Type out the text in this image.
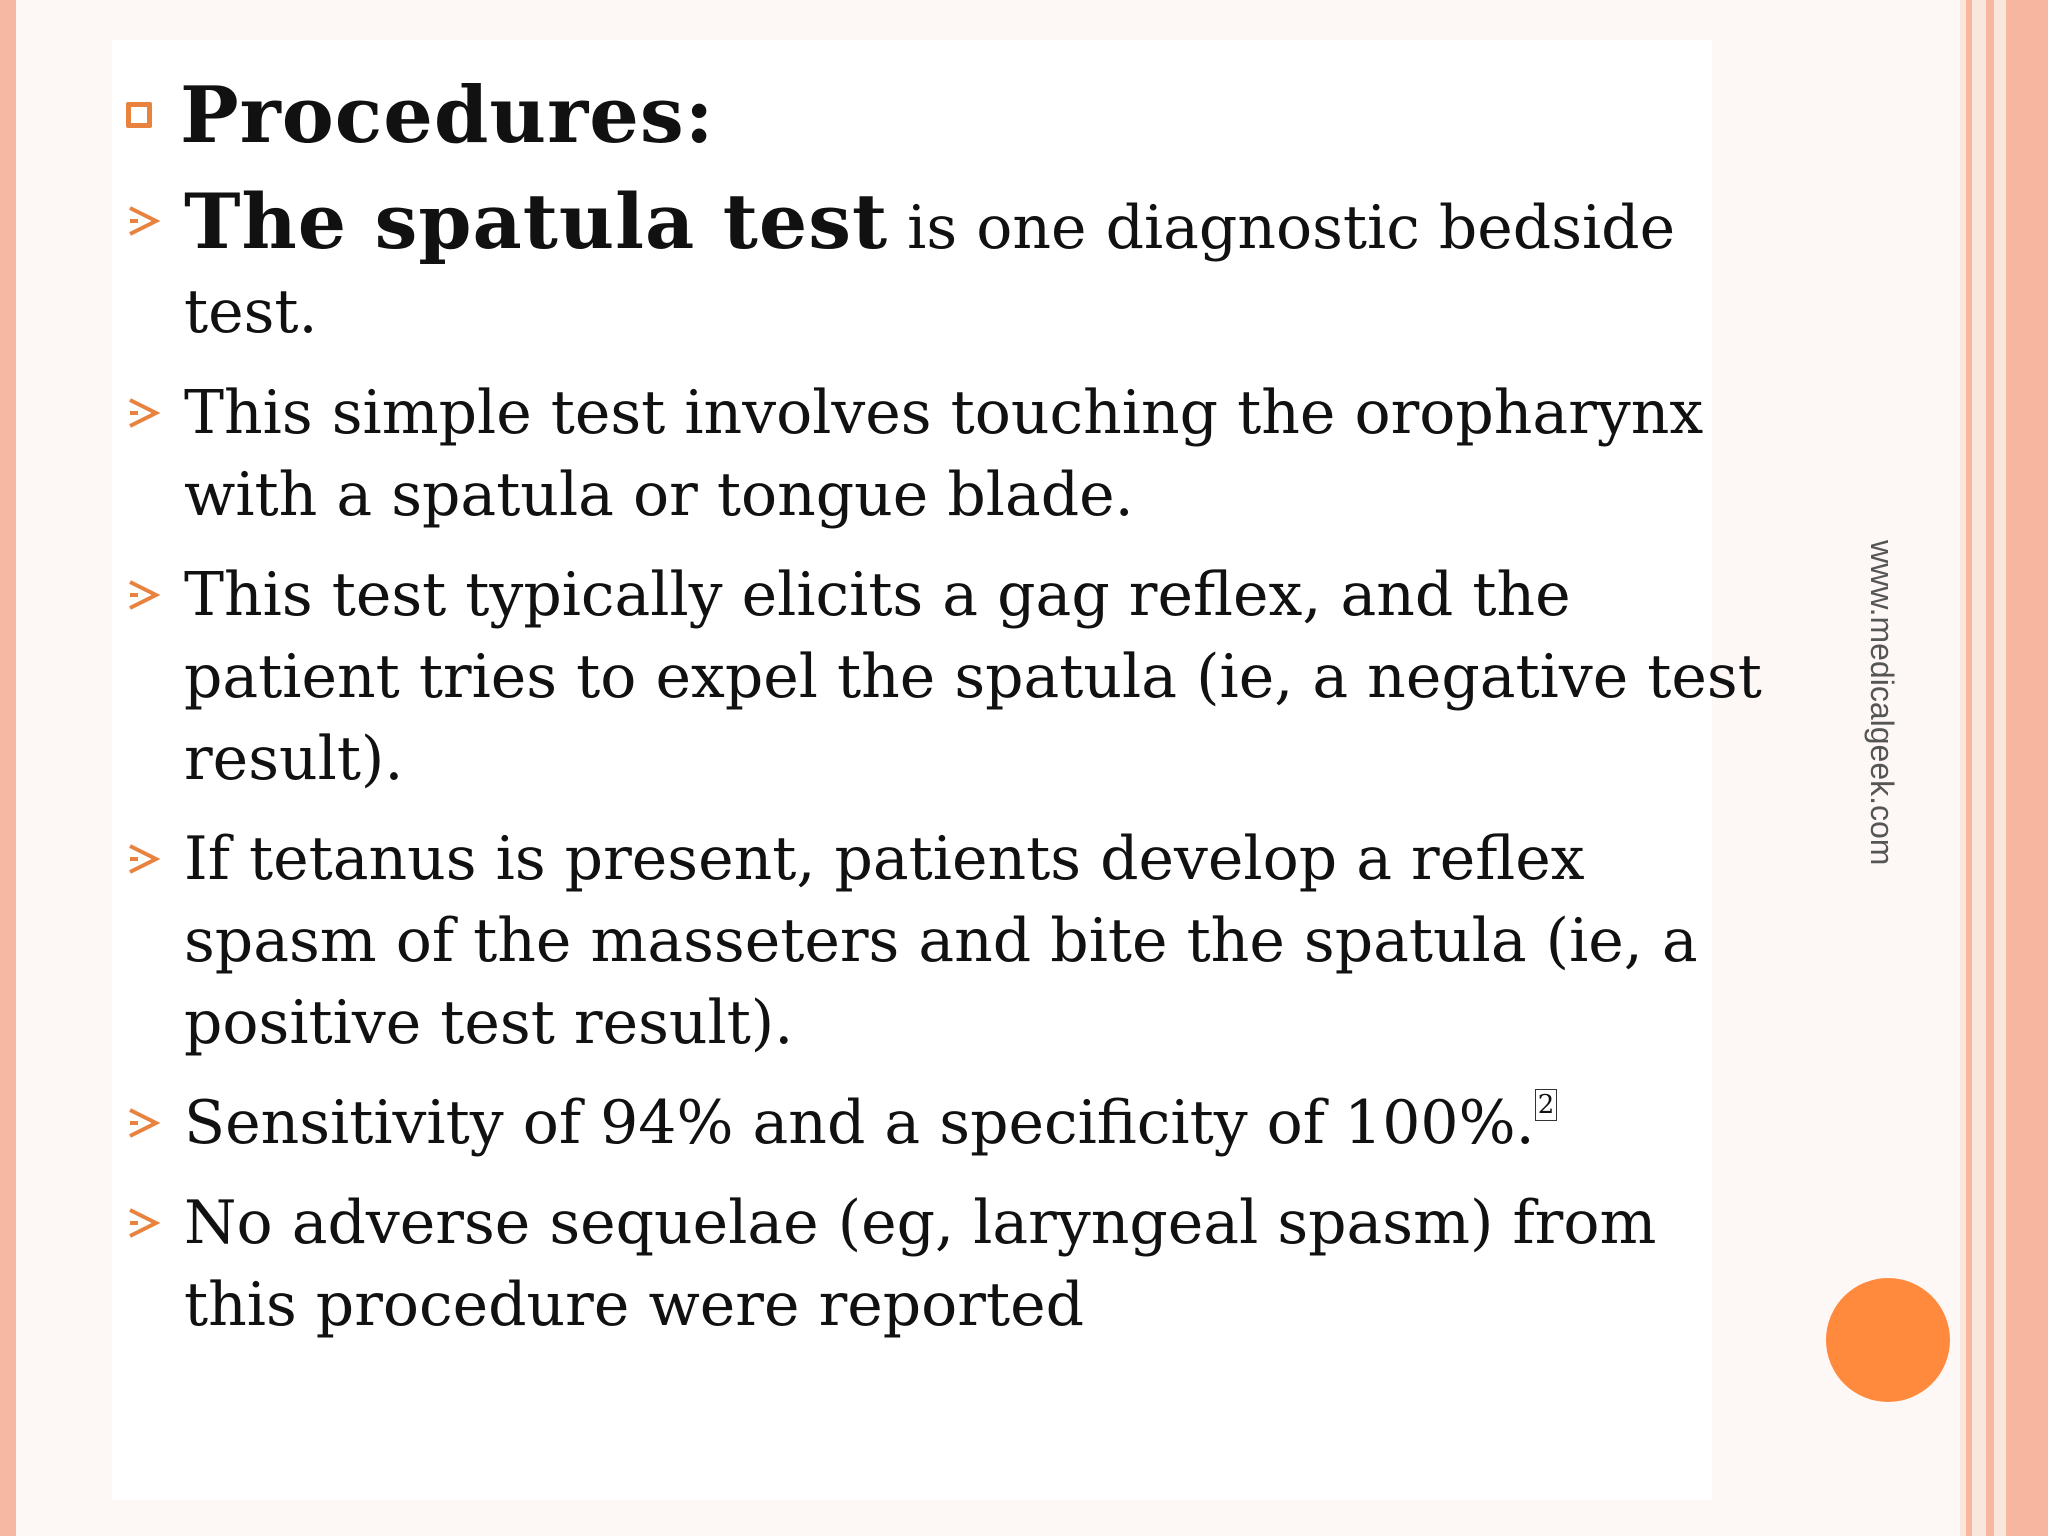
Procedures:
The spatula test is one diagnostic bedside test.
This simple test involves touching the oropharynx with a spatula or tongue blade.
This test typically elicits a gag reflex, and the patient tries to expel the spatula (ie, a negative test result).
If tetanus is present, patients develop a reflex spasm of the masseters and bite the spatula (ie, a positive test result).
Sensitivity of 94% and a specificity of 100%. $^2$
No adverse sequelae (eg, laryngeal spasm) from this procedure were reported
www.medicalgeek.com
